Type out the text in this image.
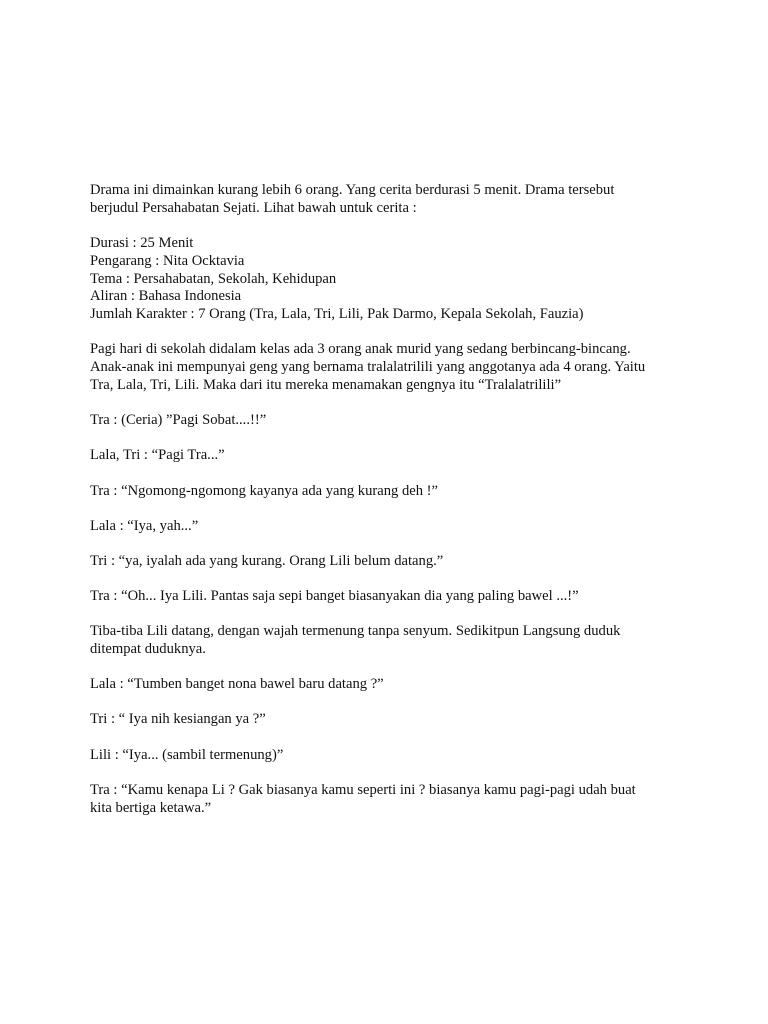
Drama ini dimainkan kurang lebih 6 orang. Yang cerita berdurasi 5 menit. Drama tersebut
berjudul Persahabatan Sejati. Lihat bawah untuk cerita :

Durasi : 25 Menit
Pengarang : Nita Ocktavia
Tema : Persahabatan, Sekolah, Kehidupan
Aliran : Bahasa Indonesia
Jumlah Karakter : 7 Orang (Tra, Lala, Tri, Lili, Pak Darmo, Kepala Sekolah, Fauzia)

Pagi hari di sekolah didalam kelas ada 3 orang anak murid yang sedang berbincang-bincang.
Anak-anak ini mempunyai geng yang bernama tralalatrilili yang anggotanya ada 4 orang. Yaitu
Tra, Lala, Tri, Lili. Maka dari itu mereka menamakan gengnya itu “Tralalatrilili”

Tra : (Ceria) ”Pagi Sobat....!!”

Lala, Tri : “Pagi Tra...”

Tra : “Ngomong-ngomong kayanya ada yang kurang deh !”

Lala : “Iya, yah...”

Tri : “ya, iyalah ada yang kurang. Orang Lili belum datang.”

Tra : “Oh... Iya Lili. Pantas saja sepi banget biasanyakan dia yang paling bawel ...!”

Tiba-tiba Lili datang, dengan wajah termenung tanpa senyum. Sedikitpun Langsung duduk
ditempat duduknya.

Lala : “Tumben banget nona bawel baru datang ?”

Tri : “ Iya nih kesiangan ya ?”

Lili : “Iya... (sambil termenung)”

Tra : “Kamu kenapa Li ? Gak biasanya kamu seperti ini ? biasanya kamu pagi-pagi udah buat
kita bertiga ketawa.”
